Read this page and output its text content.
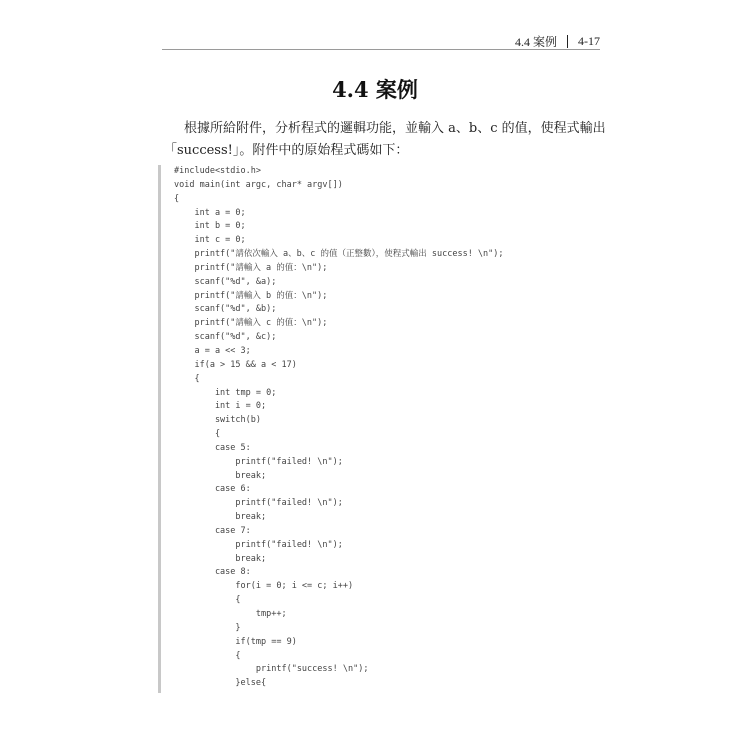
4.4 案例 4-17
4.4 案例

根據所給附件，分析程式的邏輯功能，並輸入 a、b、c 的值，使程式輸出

「success!」。附件中的原始程式碼如下：

#include<stdio.h>
void main(int argc, char* argv[])
{
int a = 0;
int b = 0;
int c = 0;
printf("請依次輸入 a、b、c 的值（正整數），使程式輸出 success! \n");
printf("請輸入 a 的值：\n");
scanf("%d", &a);
printf("請輸入 b 的值：\n");
scanf("%d", &b);
printf("請輸入 c 的值：\n");
scanf("%d", &c);
a = a << 3;
if(a > 15 && a < 17)
{
int tmp = 0;
int i = 0;
switch(b)
{
case 5:
printf("failed! \n");
break;
case 6:
printf("failed! \n");
break;
case 7:
printf("failed! \n");
break;
case 8:
for(i = 0; i <= c; i++)
{
tmp++;
}
if(tmp == 9)
{
printf("success! \n");
}else{
